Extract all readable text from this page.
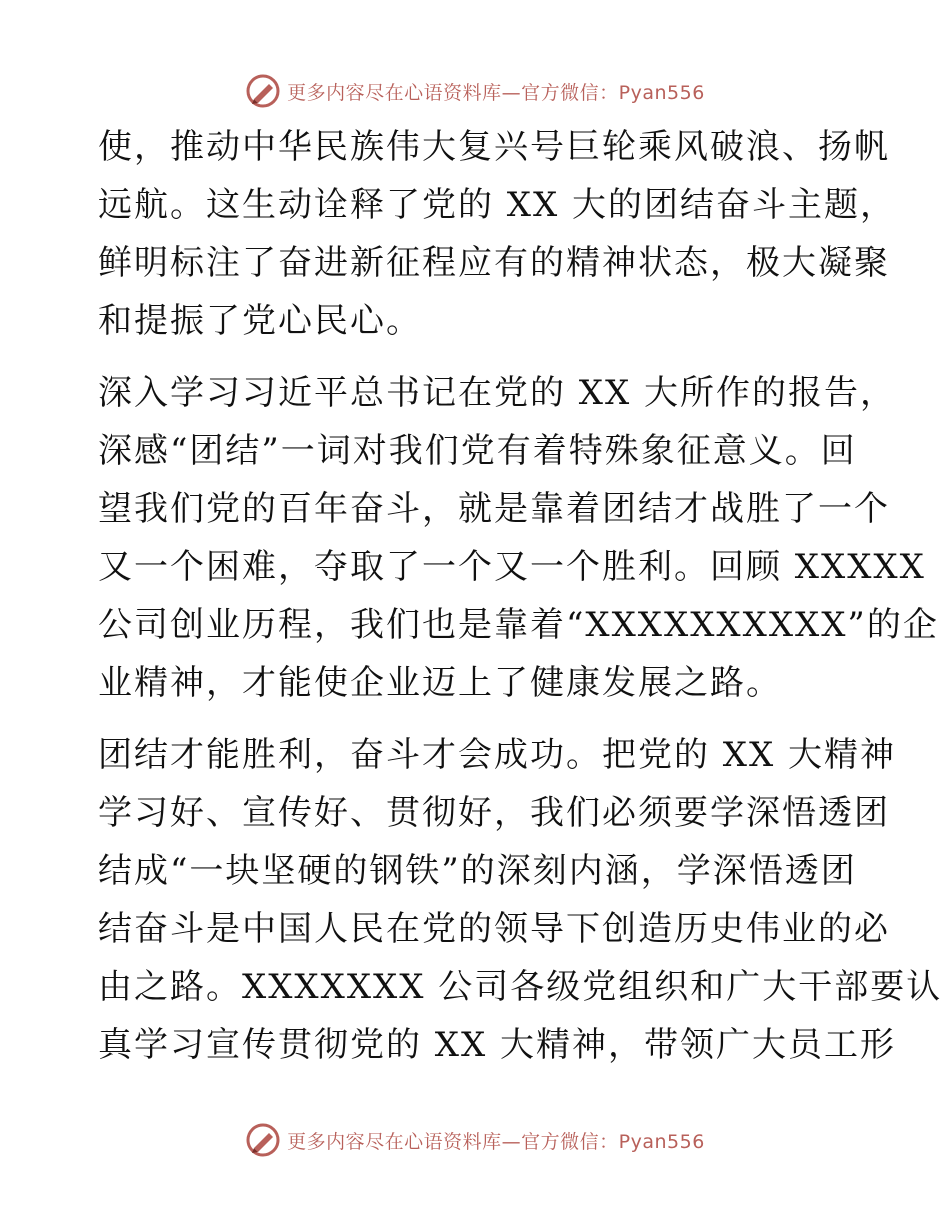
更多内容尽在心语资料库—官方微信：Pyan556

使，推动中华民族伟大复兴号巨轮乘风破浪、扬帆
远航。这生动诠释了党的 XX 大的团结奋斗主题，
鲜明标注了奋进新征程应有的精神状态，极大凝聚
和提振了党心民心。

深入学习习近平总书记在党的 XX 大所作的报告，
深感“团结”一词对我们党有着特殊象征意义。回
望我们党的百年奋斗，就是靠着团结才战胜了一个
又一个困难，夺取了一个又一个胜利。回顾 XXXXX
公司创业历程，我们也是靠着“XXXXXXXXXX”的企
业精神，才能使企业迈上了健康发展之路。

团结才能胜利，奋斗才会成功。把党的 XX 大精神
学习好、宣传好、贯彻好，我们必须要学深悟透团
结成“一块坚硬的钢铁”的深刻内涵，学深悟透团
结奋斗是中国人民在党的领导下创造历史伟业的必
由之路。XXXXXXX 公司各级党组织和广大干部要认
真学习宣传贯彻党的 XX 大精神，带领广大员工形

更多内容尽在心语资料库—官方微信：Pyan556
